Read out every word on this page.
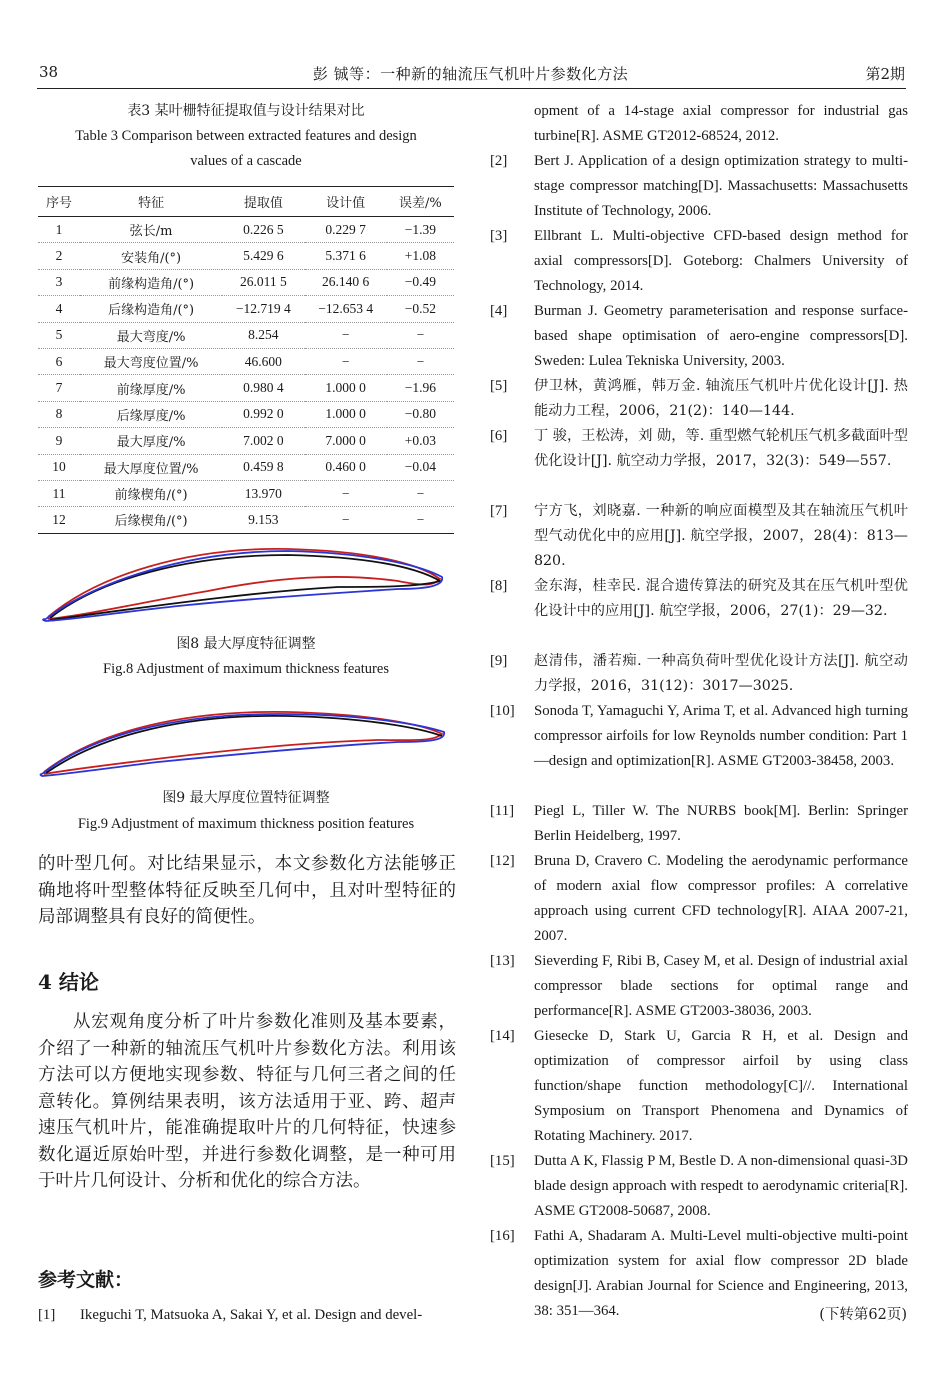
38	彭 铖等：一种新的轴流压气机叶片参数化方法	第2期
表3 某叶栅特征提取值与设计结果对比
Table 3 Comparison between extracted features and design
values of a cascade
序号	特征	提取值	设计值	误差/%
1	弦长/m	0.226 5	0.229 7	−1.39
2	安装角/(°)	5.429 6	5.371 6	+1.08
3	前缘构造角/(°)	26.011 5	26.140 6	−0.49
4	后缘构造角/(°)	−12.719 4	−12.653 4	−0.52
5	最大弯度/%	8.254	−	−
6	最大弯度位置/%	46.600	−	−
7	前缘厚度/%	0.980 4	1.000 0	−1.96
8	后缘厚度/%	0.992 0	1.000 0	−0.80
9	最大厚度/%	7.002 0	7.000 0	+0.03
10	最大厚度位置/%	0.459 8	0.460 0	−0.04
11	前缘楔角/(°)	13.970	−	−
12	后缘楔角/(°)	9.153	−	−
图8 最大厚度特征调整
Fig.8 Adjustment of maximum thickness features
图9 最大厚度位置特征调整
Fig.9 Adjustment of maximum thickness position features
的叶型几何。对比结果显示，本文参数化方法能够正确地将叶型整体特征反映至几何中，且对叶型特征的局部调整具有良好的简便性。
4 结论
从宏观角度分析了叶片参数化准则及基本要素，介绍了一种新的轴流压气机叶片参数化方法。利用该方法可以方便地实现参数、特征与几何三者之间的任意转化。算例结果表明，该方法适用于亚、跨、超声速压气机叶片，能准确提取叶片的几何特征，快速参数化逼近原始叶型，并进行参数化调整，是一种可用于叶片几何设计、分析和优化的综合方法。
参考文献：
[1] Ikeguchi T, Matsuoka A, Sakai Y, et al. Design and devel-
opment of a 14-stage axial compressor for industrial gas turbine[R]. ASME GT2012-68524, 2012.
[2] Bert J. Application of a design optimization strategy to multi-stage compressor matching[D]. Massachusetts: Massachusetts Institute of Technology, 2006.
[3] Ellbrant L. Multi-objective CFD-based design method for axial compressors[D]. Goteborg: Chalmers University of Technology, 2014.
[4] Burman J. Geometry parameterisation and response surface-based shape optimisation of aero-engine compressors[D]. Sweden: Lulea Tekniska University, 2003.
[5] 伊卫林，黄鸿雁，韩万金. 轴流压气机叶片优化设计[J]. 热能动力工程，2006，21(2)：140—144.
[6] 丁 骏，王松涛，刘 勋，等. 重型燃气轮机压气机多截面叶型优化设计[J]. 航空动力学报，2017，32(3)：549—557.
[7] 宁方飞，刘晓嘉. 一种新的响应面模型及其在轴流压气机叶型气动优化中的应用[J]. 航空学报，2007，28(4)：813—820.
[8] 金东海，桂幸民. 混合遗传算法的研究及其在压气机叶型优化设计中的应用[J]. 航空学报，2006，27(1)：29—32.
[9] 赵清伟，潘若痴. 一种高负荷叶型优化设计方法[J]. 航空动力学报，2016，31(12)：3017—3025.
[10] Sonoda T, Yamaguchi Y, Arima T, et al. Advanced high turning compressor airfoils for low Reynolds number condition: Part 1—design and optimization[R]. ASME GT2003-38458, 2003.
[11] Piegl L, Tiller W. The NURBS book[M]. Berlin: Springer Berlin Heidelberg, 1997.
[12] Bruna D, Cravero C. Modeling the aerodynamic performance of modern axial flow compressor profiles: A correlative approach using current CFD technology[R]. AIAA 2007-21, 2007.
[13] Sieverding F, Ribi B, Casey M, et al. Design of industrial axial compressor blade sections for optimal range and performance[R]. ASME GT2003-38036, 2003.
[14] Giesecke D, Stark U, Garcia R H, et al. Design and optimization of compressor airfoil by using class function/shape function methodology[C]//. International Symposium on Transport Phenomena and Dynamics of Rotating Machinery. 2017.
[15] Dutta A K, Flassig P M, Bestle D. A non-dimensional quasi-3D blade design approach with respedt to aerodynamic criteria[R]. ASME GT2008-50687, 2008.
[16] Fathi A, Shadaram A. Multi-Level multi-objective multi-point optimization system for axial flow compressor 2D blade design[J]. Arabian Journal for Science and Engineering, 2013, 38: 351—364.	(下转第62页)
